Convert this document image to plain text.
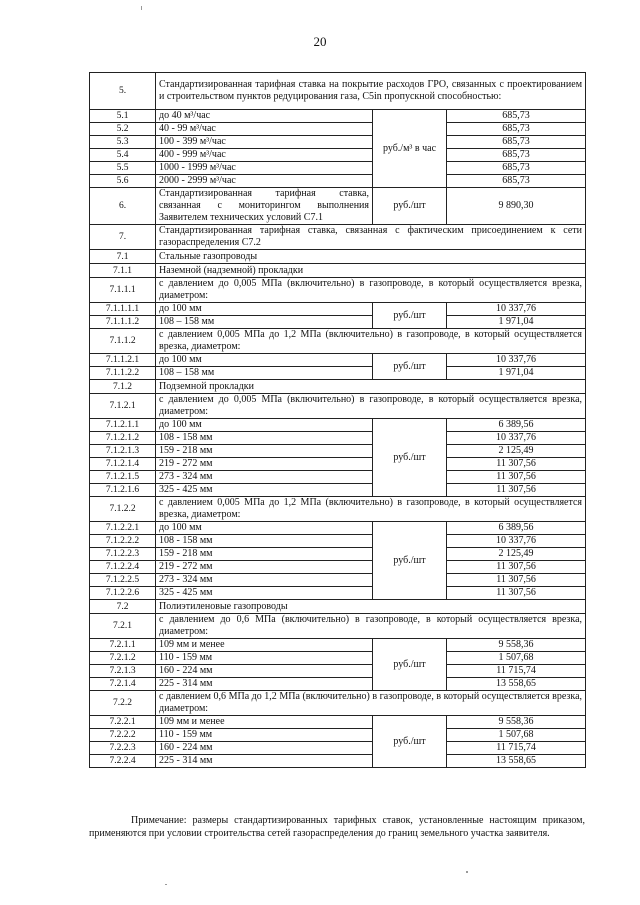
20
5.	Стандартизированная тарифная ставка на покрытие расходов ГРО, связанных с проектированием и строительством пунктов редуцирования газа, C5in пропускной способностью:		
5.1	до 40 м³/час	руб./м³ в час	685,73
5.2	40 - 99 м³/час		685,73
5.3	100 - 399 м³/час		685,73
5.4	400 - 999 м³/час		685,73
5.5	1000 - 1999 м³/час		685,73
5.6	2000 - 2999 м³/час		685,73
6.	Стандартизированная тарифная ставка, связанная с мониторингом выполнения Заявителем технических условий C7.1	руб./шт	9 890,30
7.	Стандартизированная тарифная ставка, связанная с фактическим присоединением к сети газораспределения C7.2		
7.1	Стальные газопроводы		
7.1.1	Наземной (надземной) прокладки		
7.1.1.1	с давлением до 0,005 МПа (включительно) в газопроводе, в который осуществляется врезка, диаметром:		
7.1.1.1.1	до 100 мм	руб./шт	10 337,76
7.1.1.1.2	108 – 158 мм		1 971,04
7.1.1.2	с давлением 0,005 МПа до 1,2 МПа (включительно) в газопроводе, в который осуществляется врезка, диаметром:		
7.1.1.2.1	до 100 мм	руб./шт	10 337,76
7.1.1.2.2	108 – 158 мм		1 971,04
7.1.2	Подземной прокладки		
7.1.2.1	с давлением до 0,005 МПа (включительно) в газопроводе, в который осуществляется врезка, диаметром:		
7.1.2.1.1	до 100 мм	руб./шт	6 389,56
7.1.2.1.2	108 - 158 мм		10 337,76
7.1.2.1.3	159 - 218 мм		2 125,49
7.1.2.1.4	219 - 272 мм		11 307,56
7.1.2.1.5	273 - 324 мм		11 307,56
7.1.2.1.6	325 - 425 мм		11 307,56
7.1.2.2	с давлением 0,005 МПа до 1,2 МПа (включительно) в газопроводе, в который осуществляется врезка, диаметром:		
7.1.2.2.1	до 100 мм	руб./шт	6 389,56
7.1.2.2.2	108 - 158 мм		10 337,76
7.1.2.2.3	159 - 218 мм		2 125,49
7.1.2.2.4	219 - 272 мм		11 307,56
7.1.2.2.5	273 - 324 мм		11 307,56
7.1.2.2.6	325 - 425 мм		11 307,56
7.2	Полиэтиленовые газопроводы		
7.2.1	с давлением до 0,6 МПа (включительно) в газопроводе, в который осуществляется врезка, диаметром:		
7.2.1.1	109 мм и менее	руб./шт	9 558,36
7.2.1.2	110 - 159 мм		1 507,68
7.2.1.3	160 - 224 мм		11 715,74
7.2.1.4	225 - 314 мм		13 558,65
7.2.2	с давлением 0,6 МПа до 1,2 МПа (включительно) в газопроводе, в который осуществляется врезка, диаметром:		
7.2.2.1	109 мм и менее	руб./шт	9 558,36
7.2.2.2	110 - 159 мм		1 507,68
7.2.2.3	160 - 224 мм		11 715,74
7.2.2.4	225 - 314 мм		13 558,65
Примечание: размеры стандартизированных тарифных ставок, установленные настоящим приказом, применяются при условии строительства сетей газораспределения до границ земельного участка заявителя.
